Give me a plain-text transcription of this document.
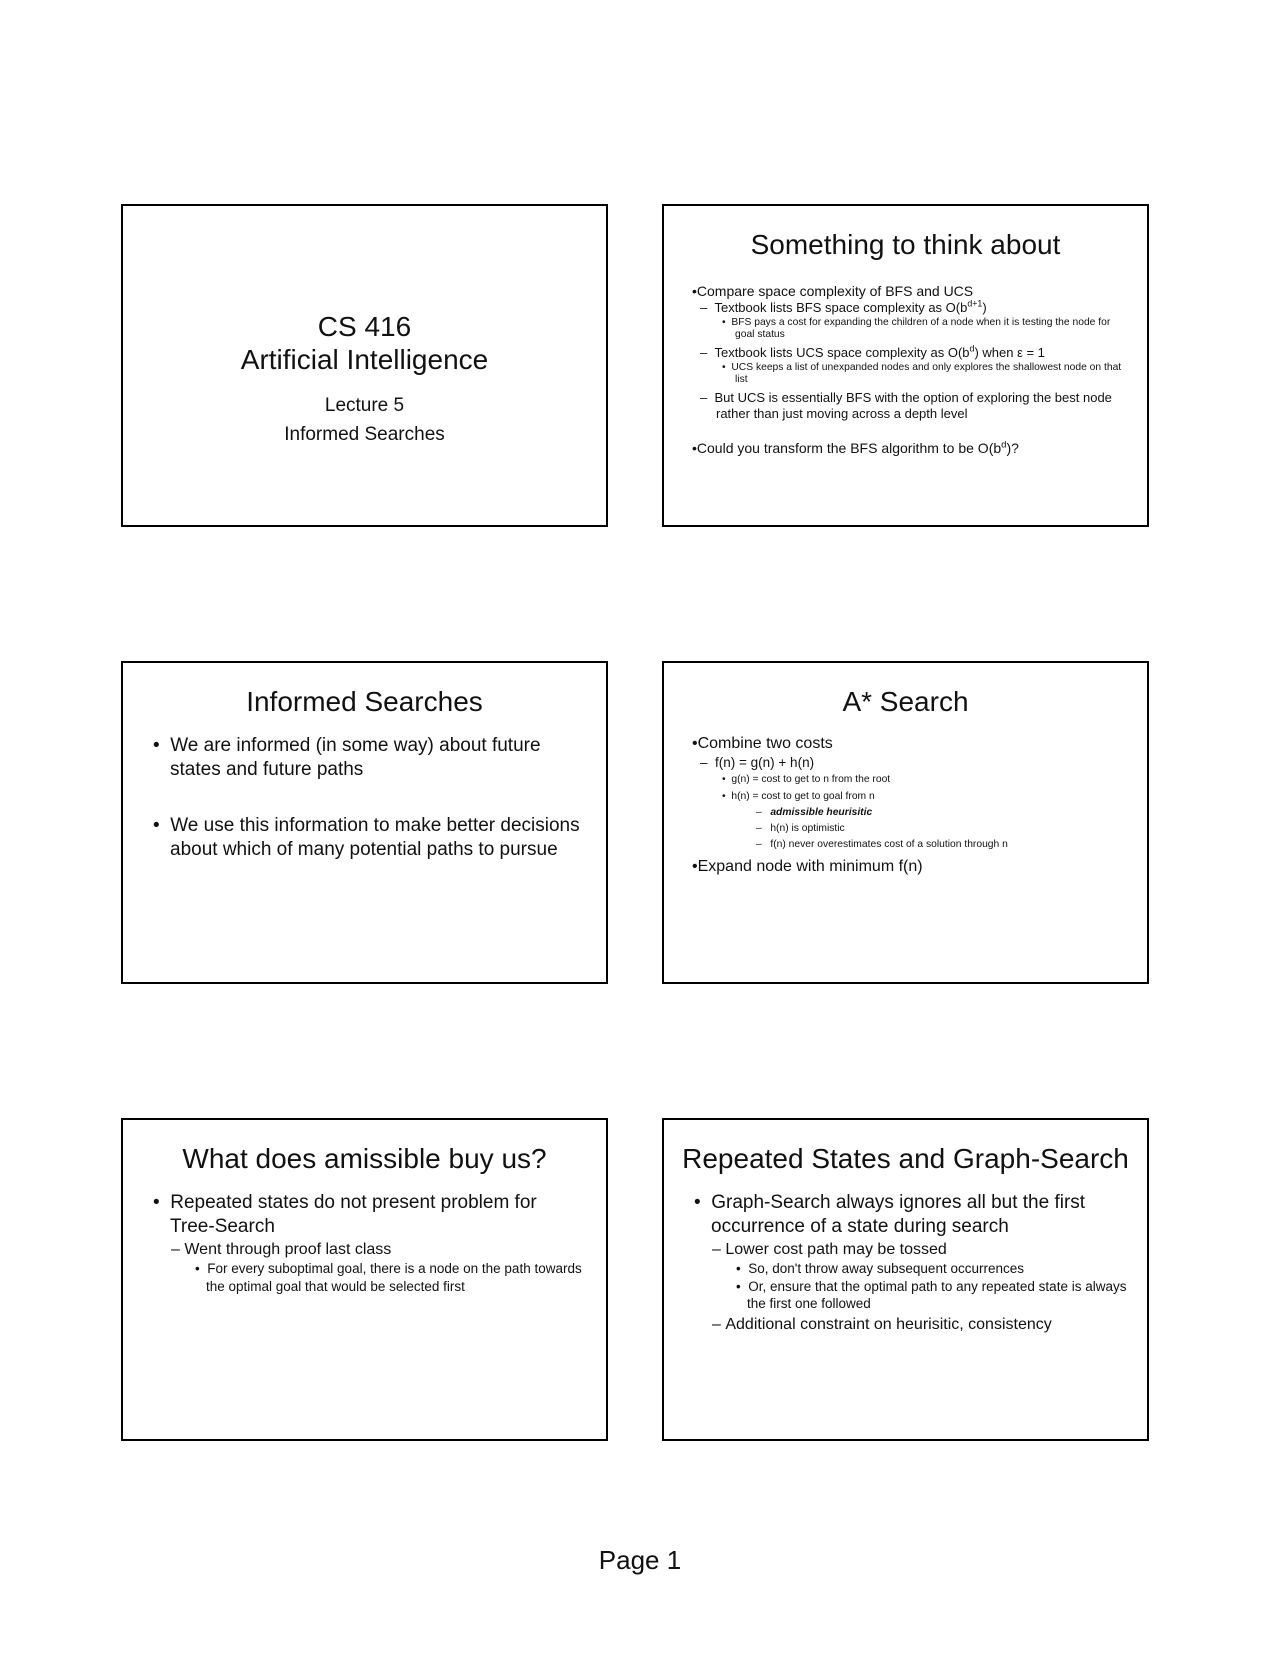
CS 416
Artificial Intelligence
Lecture 5
Informed Searches
Something to think about
•Compare space complexity of BFS and UCS
– Textbook lists BFS space complexity as $O(b^{d+1})$
• BFS pays a cost for expanding the children of a node when it is testing the node for goal status
– Textbook lists UCS space complexity as $O(b^d)$ when ε = 1
• UCS keeps a list of unexpanded nodes and only explores the shallowest node on that list
– But UCS is essentially BFS with the option of exploring the best node rather than just moving across a depth level
•Could you transform the BFS algorithm to be $O(b^d)$?
Informed Searches
• We are informed (in some way) about future states and future paths
• We use this information to make better decisions about which of many potential paths to pursue
A* Search
•Combine two costs
– f(n) = g(n) + h(n)
• g(n) = cost to get to n from the root
• h(n) = cost to get to goal from n
– admissible heurisitic
– h(n) is optimistic
– f(n) never overestimates cost of a solution through n
•Expand node with minimum f(n)
What does amissible buy us?
• Repeated states do not present problem for Tree-Search
– Went through proof last class
• For every suboptimal goal, there is a node on the path towards the optimal goal that would be selected first
Repeated States and Graph-Search
• Graph-Search always ignores all but the first occurrence of a state during search
– Lower cost path may be tossed
• So, don't throw away subsequent occurrences
• Or, ensure that the optimal path to any repeated state is always the first one followed
– Additional constraint on heurisitic, consistency
Page 1
